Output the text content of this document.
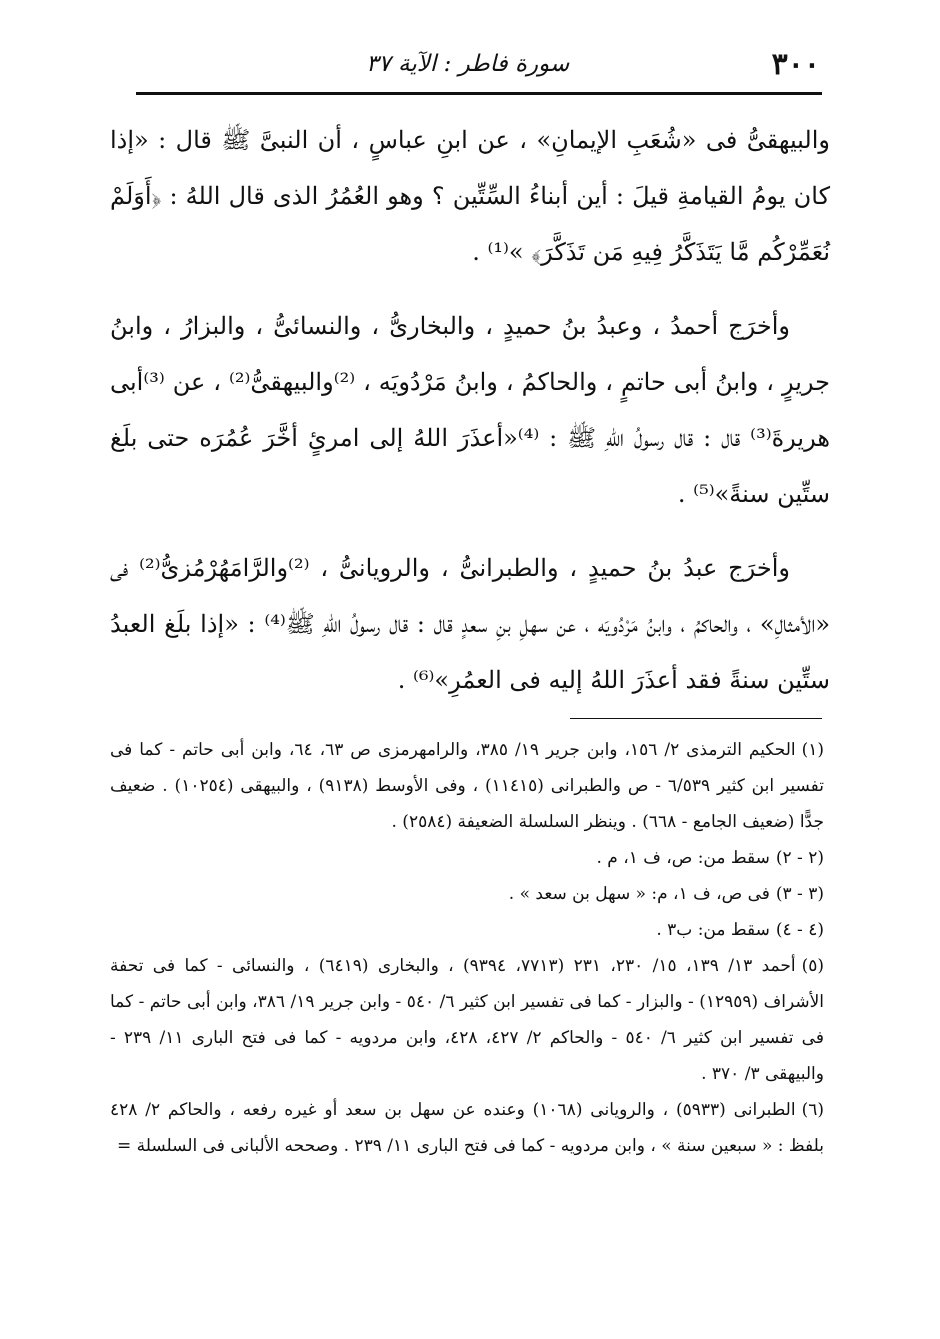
٣٠٠
سورة فاطر : الآية ٣٧

والبيهقىُّ فى «شُعَبِ الإيمانِ» ، عن ابنِ عباسٍ ، أن النبىَّ ﷺ قال : «إذا كان يومُ القيامةِ قيلَ : أين أبناءُ السِّتِّين ؟ وهو العُمُرُ الذى قال اللهُ : ﴿أَوَلَمْ نُعَمِّرْكُم مَّا يَتَذَكَّرُ فِيهِ مَن تَذَكَّرَ﴾ »⁽¹⁾ .

وأخرَج أحمدُ ، وعبدُ بنُ حميدٍ ، والبخارىُّ ، والنسائىُّ ، والبزارُ ، وابنُ جريرٍ ، وابنُ أبى حاتمٍ ، والحاكمُ ، وابنُ مَرْدُويَه ، ⁽²⁾والبيهقىُّ⁽²⁾ ، عن ⁽³⁾أبى هريرةَ⁽³⁾ قال : قال رسولُ اللهِ ﷺ : ⁽⁴⁾«أعذَرَ اللهُ إلى امرئٍ أخَّرَ عُمُرَه حتى بلَغ ستِّين سنةً»⁽⁵⁾ .

وأخرَج عبدُ بنُ حميدٍ ، والطبرانىُّ ، والرويانىُّ ، ⁽²⁾والرَّامَهُرْمُزىُّ⁽²⁾ فى «الأمثالِ» ، والحاكمُ ، وابنُ مَرْدُويَه ، عن سهلِ بنِ سعدٍ قال : قال رسولُ اللهِ ﷺ⁽⁴⁾ : «إذا بلَغ العبدُ ستِّين سنةً فقد أعذَرَ اللهُ إليه فى العمُرِ»⁽⁶⁾ .

(١)الحكيم الترمذى ٢/ ١٥٦، وابن جرير ١٩/ ٣٨٥، والرامهرمزى ص ٦٣، ٦٤، وابن أبى حاتم - كما فى تفسير ابن كثير ٦/٥٣٩ - ص والطبرانى (١١٤١٥) ، وفى الأوسط (٩١٣٨) ، والبيهقى (١٠٢٥٤) . ضعيف جدًّا (ضعيف الجامع - ٦٦٨) . وينظر السلسلة الضعيفة (٢٥٨٤) .

(٢ - ٢)سقط من: ص، ف ١، م .

(٣ - ٣)فى ص، ف ١، م: « سهل بن سعد » .

(٤ - ٤)سقط من: ب٣ .

(٥)أحمد ١٣/ ١٣٩، ١٥/ ٢٣٠، ٢٣١ (٧٧١٣، ٩٣٩٤) ، والبخارى (٦٤١٩) ، والنسائى - كما فى تحفة الأشراف (١٢٩٥٩) - والبزار - كما فى تفسير ابن كثير ٦/ ٥٤٠ - وابن جرير ١٩/ ٣٨٦، وابن أبى حاتم - كما فى تفسير ابن كثير ٦/ ٥٤٠ - والحاكم ٢/ ٤٢٧، ٤٢٨، وابن مردويه - كما فى فتح البارى ١١/ ٢٣٩ - والبيهقى ٣/ ٣٧٠ .

(٦)الطبرانى (٥٩٣٣) ، والرويانى (١٠٦٨) وعنده عن سهل بن سعد أو غيره رفعه ، والحاكم ٢/ ٤٢٨ بلفظ : « سبعين سنة » ، وابن مردويه - كما فى فتح البارى ١١/ ٢٣٩ . وصححه الألبانى فى السلسلة =
